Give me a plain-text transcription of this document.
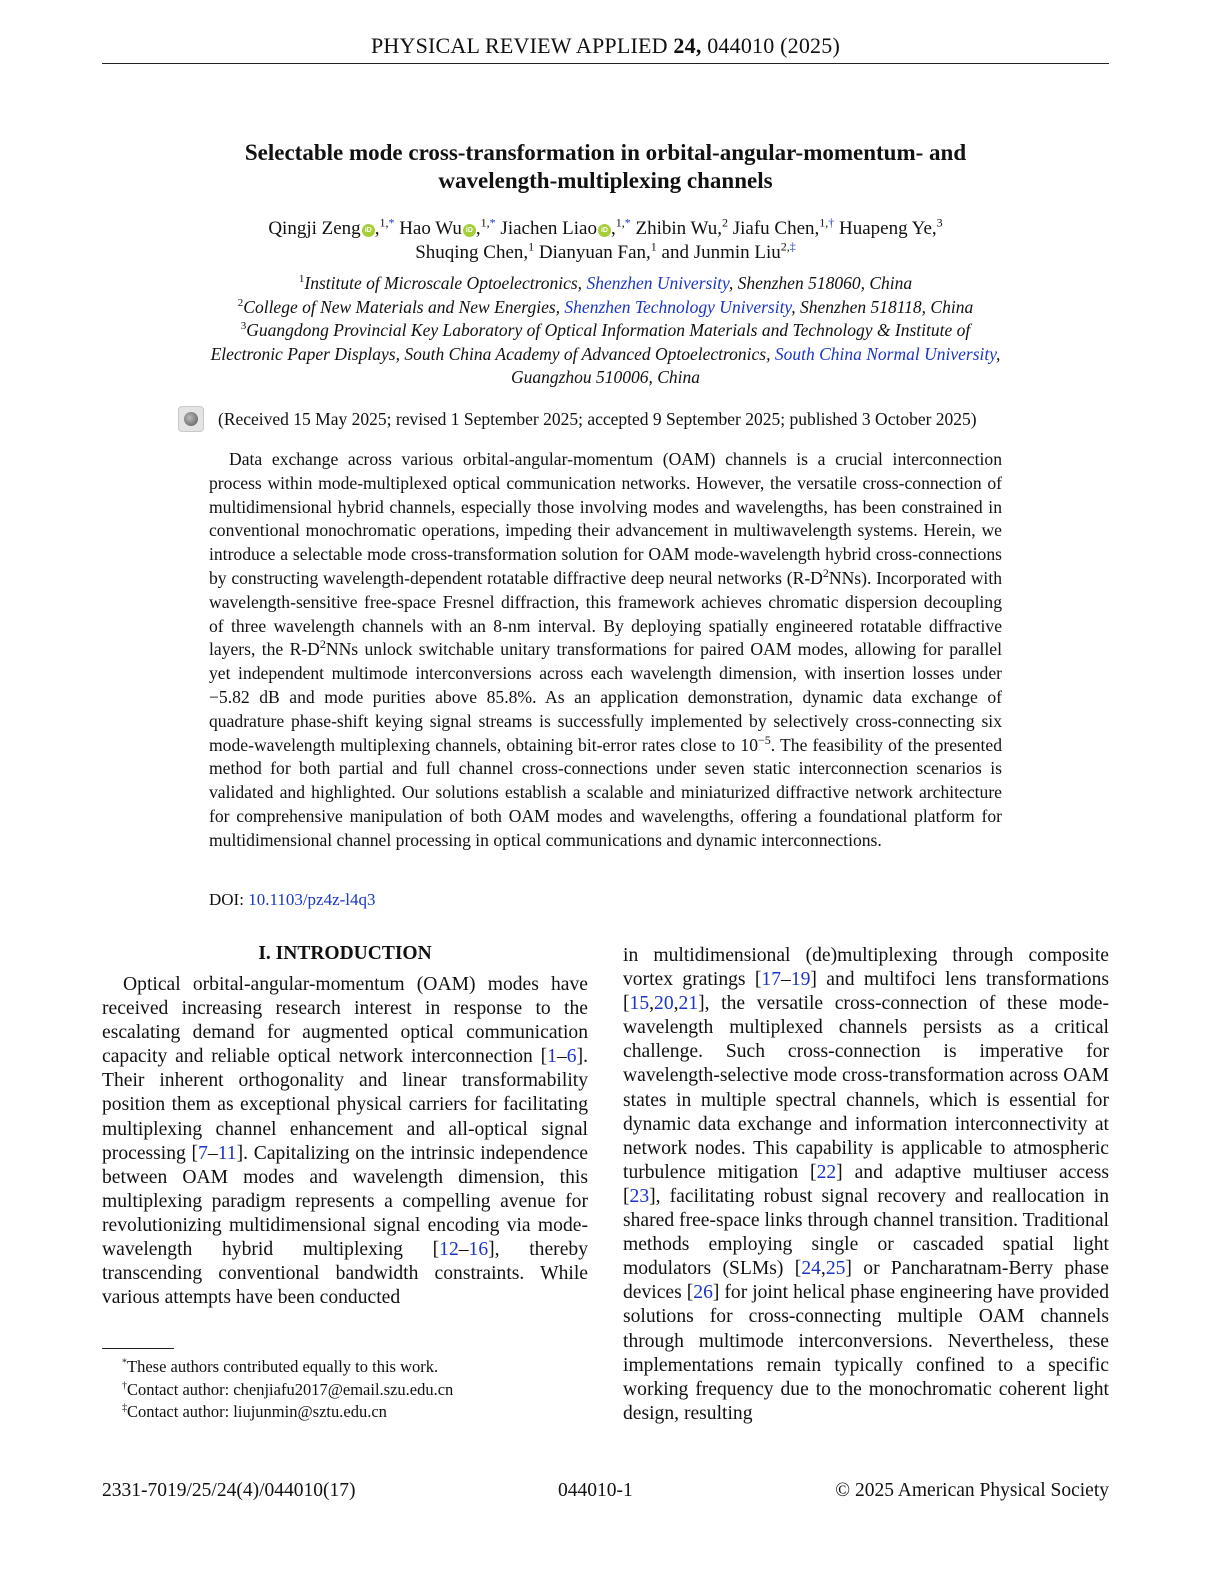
PHYSICAL REVIEW APPLIED 24, 044010 (2025)
Selectable mode cross-transformation in orbital-angular-momentum- and
wavelength-multiplexing channels
Qingji Zeng iD ,$^{1,*}$ Hao Wu iD ,$^{1,*}$ Jiachen Liao iD ,$^{1,*}$ Zhibin Wu,$^2$ Jiafu Chen,$^{1,\dagger}$ Huapeng Ye,$^3$
Shuqing Chen,$^1$ Dianyuan Fan,$^1$ and Junmin Liu$^{2,\ddagger}$
$^1$Institute of Microscale Optoelectronics, Shenzhen University, Shenzhen 518060, China
$^2$College of New Materials and New Energies, Shenzhen Technology University, Shenzhen 518118, China
$^3$Guangdong Provincial Key Laboratory of Optical Information Materials and Technology & Institute of
Electronic Paper Displays, South China Academy of Advanced Optoelectronics, South China Normal University,
Guangzhou 510006, China
(Received 15 May 2025; revised 1 September 2025; accepted 9 September 2025; published 3 October 2025)

Data exchange across various orbital-angular-momentum (OAM) channels is a crucial interconnection process within mode-multiplexed optical communication networks. However, the versatile cross-connection of multidimensional hybrid channels, especially those involving modes and wavelengths, has been constrained in conventional monochromatic operations, impeding their advancement in multiwavelength systems. Herein, we introduce a selectable mode cross-transformation solution for OAM mode-wavelength hybrid cross-connections by constructing wavelength-dependent rotatable diffractive deep neural networks $(R-D^2NNs)$. Incorporated with wavelength-sensitive free-space Fresnel diffraction, this framework achieves chromatic dispersion decoupling of three wavelength channels with an 8-nm interval. By deploying spatially engineered rotatable diffractive layers, the $R-D^2NNs$ unlock switchable unitary transformations for paired OAM modes, allowing for parallel yet independent multimode interconversions across each wavelength dimension, with insertion losses under −5.82 dB and mode purities above 85.8%. As an application demonstration, dynamic data exchange of quadrature phase-shift keying signal streams is successfully implemented by selectively cross-connecting six mode-wavelength multiplexing channels, obtaining bit-error rates close to $10^{-5}$. The feasibility of the presented method for both partial and full channel cross-connections under seven static interconnection scenarios is validated and highlighted. Our solutions establish a scalable and miniaturized diffractive network architecture for comprehensive manipulation of both OAM modes and wavelengths, offering a foundational platform for multidimensional channel processing in optical communications and dynamic interconnections.

DOI: 10.1103/pz4z-l4q3
I. INTRODUCTION

Optical orbital-angular-momentum (OAM) modes have received increasing research interest in response to the escalating demand for augmented optical communication capacity and reliable optical network interconnection [1–6]. Their inherent orthogonality and linear transformability position them as exceptional physical carriers for facilitating multiplexing channel enhancement and all-optical signal processing [7–11]. Capitalizing on the intrinsic independence between OAM modes and wavelength dimension, this multiplexing paradigm represents a compelling avenue for revolutionizing multidimensional signal encoding via mode-wavelength hybrid multiplexing [12–16], thereby transcending conventional bandwidth constraints. While various attempts have been conducted

*These authors contributed equally to this work.
†Contact author: chenjiafu2017@email.szu.edu.cn
‡Contact author: liujunmin@sztu.edu.cn

in multidimensional (de)multiplexing through composite vortex gratings [17–19] and multifoci lens transformations [15,20,21], the versatile cross-connection of these mode-wavelength multiplexed channels persists as a critical challenge. Such cross-connection is imperative for wavelength-selective mode cross-transformation across OAM states in multiple spectral channels, which is essential for dynamic data exchange and information interconnectivity at network nodes. This capability is applicable to atmospheric turbulence mitigation [22] and adaptive multiuser access [23], facilitating robust signal recovery and reallocation in shared free-space links through channel transition. Traditional methods employing single or cascaded spatial light modulators (SLMs) [24,25] or Pancharatnam-Berry phase devices [26] for joint helical phase engineering have provided solutions for cross-connecting multiple OAM channels through multimode interconversions. Nevertheless, these implementations remain typically confined to a specific working frequency due to the monochromatic coherent light design, resulting

2331-7019/25/24(4)/044010(17)	044010-1	© 2025 American Physical Society
